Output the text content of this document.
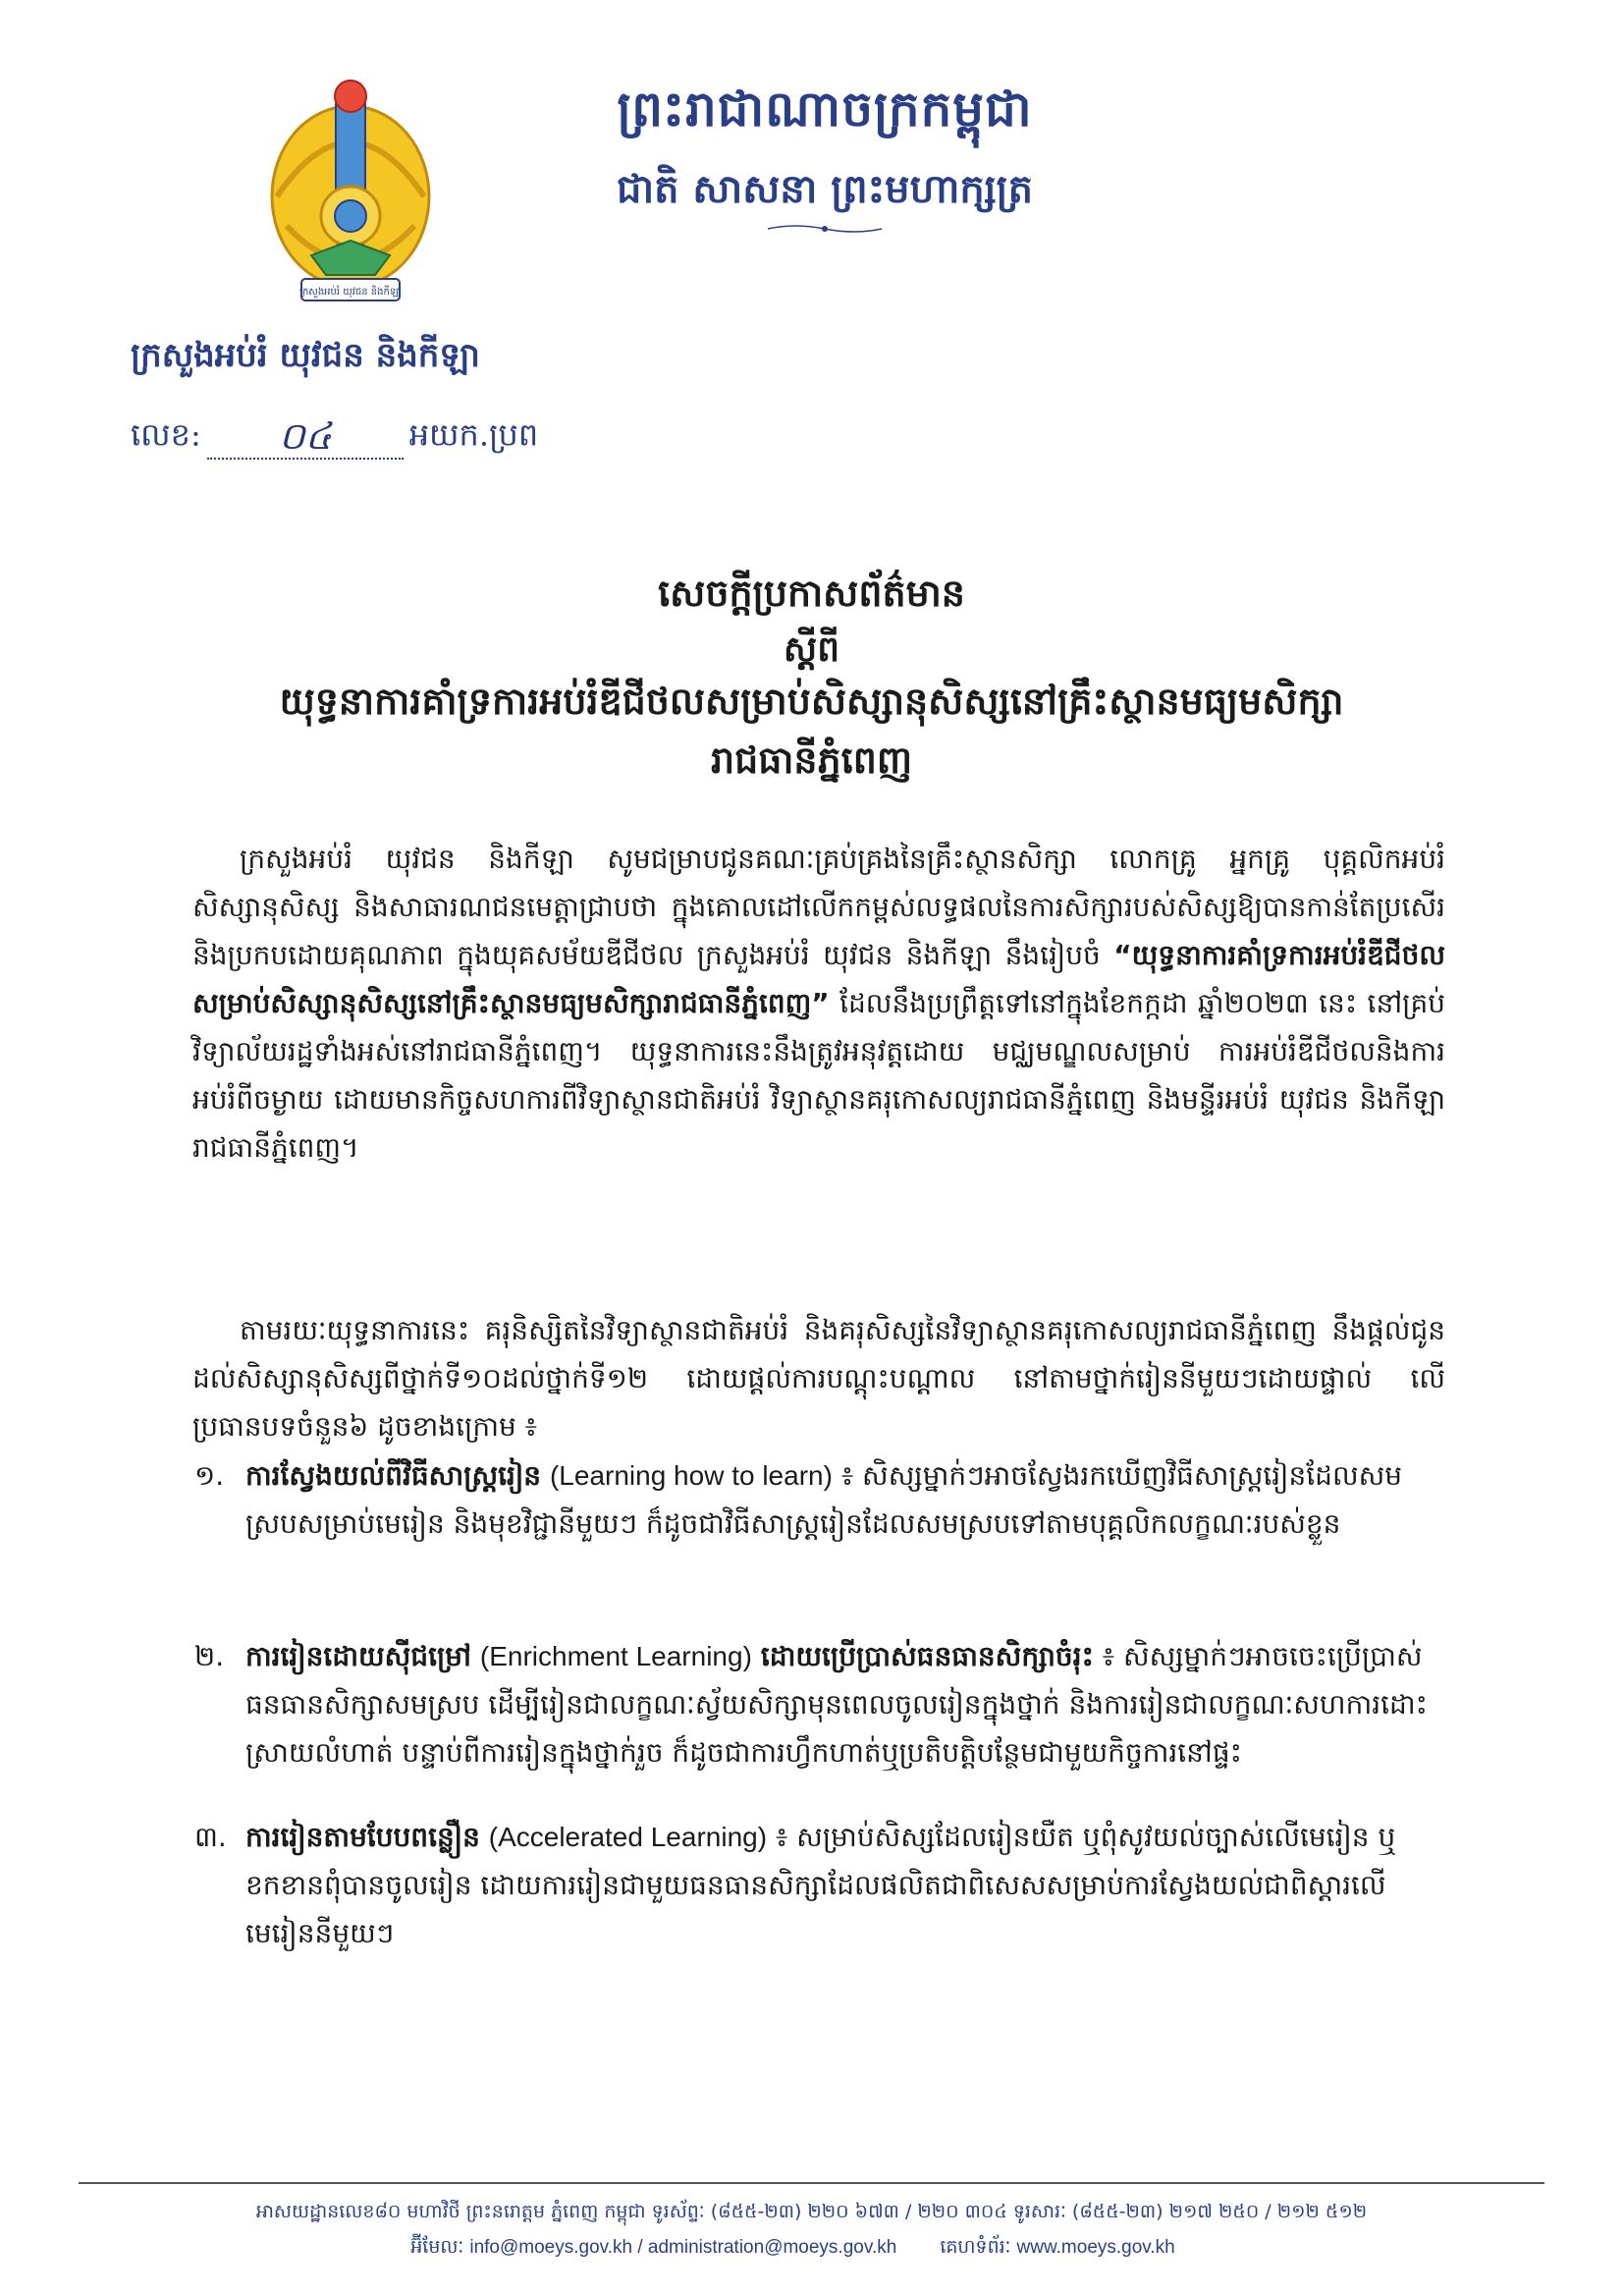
ក្រសួងអប់រំ យុវជន និងកីឡា
ព្រះរាជាណាចក្រកម្ពុជា
ជាតិ សាសនា ព្រះមហាក្សត្រ
ក្រសួងអប់រំ យុវជន និងកីឡា
លេខ: ០៤ អយក.ប្រព
សេចក្តីប្រកាសព័ត៌មាន
ស្តីពី
យុទ្ធនាការគាំទ្រការអប់រំឌីជីថលសម្រាប់សិស្សានុសិស្សនៅគ្រឹះស្ថានមធ្យមសិក្សា
រាជធានីភ្នំពេញ
ក្រសួងអប់រំ យុវជន និងកីឡា សូមជម្រាបជូនគណៈគ្រប់គ្រងនៃគ្រឹះស្ថានសិក្សា លោកគ្រូ អ្នកគ្រូ បុគ្គលិកអប់រំ សិស្សានុសិស្ស និងសាធារណជនមេត្តាជ្រាបថា ក្នុងគោលដៅលើកកម្ពស់លទ្ធផលនៃការសិក្សារបស់សិស្សឱ្យបានកាន់តែប្រសើរនិងប្រកបដោយគុណភាព ក្នុងយុគសម័យឌីជីថល ក្រសួងអប់រំ យុវជន និងកីឡា នឹងរៀបចំ “យុទ្ធនាការគាំទ្រការអប់រំឌីជីថលសម្រាប់សិស្សានុសិស្សនៅគ្រឹះស្ថានមធ្យមសិក្សារាជធានីភ្នំពេញ” ដែលនឹងប្រព្រឹត្តទៅនៅក្នុងខែកក្កដា ឆ្នាំ២០២៣ នេះ នៅគ្រប់ វិទ្យាល័យរដ្ឋទាំងអស់នៅរាជធានីភ្នំពេញ។ យុទ្ធនាការនេះនឹងត្រូវអនុវត្តដោយ មជ្ឈមណ្ឌលសម្រាប់ ការអប់រំឌីជីថលនិងការអប់រំពីចម្ងាយ ដោយមានកិច្ចសហការពីវិទ្យាស្ថានជាតិអប់រំ វិទ្យាស្ថានគរុកោសល្យរាជធានីភ្នំពេញ និងមន្ទីរអប់រំ យុវជន និងកីឡារាជធានីភ្នំពេញ។
តាមរយៈយុទ្ធនាការនេះ គរុនិស្សិតនៃវិទ្យាស្ថានជាតិអប់រំ និងគរុសិស្សនៃវិទ្យាស្ថានគរុកោសល្យរាជធានីភ្នំពេញ នឹងផ្តល់ជូនដល់សិស្សានុសិស្សពីថ្នាក់ទី១០ដល់ថ្នាក់ទី១២ ដោយផ្តល់ការបណ្តុះបណ្តាល នៅតាមថ្នាក់រៀននីមួយៗដោយផ្ទាល់ លើប្រធានបទចំនួន៦ ដូចខាងក្រោម ៖
១. ការស្វែងយល់ពីវិធីសាស្ត្ររៀន (Learning how to learn) ៖ សិស្សម្នាក់ៗអាចស្វែងរកឃើញវិធីសាស្ត្ររៀនដែលសមស្របសម្រាប់មេរៀន និងមុខវិជ្ជានីមួយៗ ក៏ដូចជាវិធីសាស្ត្ររៀនដែលសមស្របទៅតាមបុគ្គលិកលក្ខណៈរបស់ខ្លួន
២. ការរៀនដោយស៊ីជម្រៅ (Enrichment Learning) ដោយប្រើប្រាស់ធនធានសិក្សាចំរុះ ៖ សិស្សម្នាក់ៗអាចចេះប្រើប្រាស់ធនធានសិក្សាសមស្រប ដើម្បីរៀនជាលក្ខណៈស្វ័យសិក្សាមុនពេលចូលរៀនក្នុងថ្នាក់ និងការរៀនជាលក្ខណៈសហការដោះស្រាយលំហាត់ បន្ទាប់ពីការរៀនក្នុងថ្នាក់រួច ក៏ដូចជាការហ្វឹកហាត់ឬប្រតិបត្តិបន្ថែមជាមួយកិច្ចការនៅផ្ទះ
៣. ការរៀនតាមបែបពន្លឿន (Accelerated Learning) ៖ សម្រាប់សិស្សដែលរៀនយឺត ឬពុំសូវយល់ច្បាស់លើមេរៀន ឬខកខានពុំបានចូលរៀន ដោយការរៀនជាមួយធនធានសិក្សាដែលផលិតជាពិសេសសម្រាប់ការស្វែងយល់ជាពិស្តារលើមេរៀននីមួយៗ
អាសយដ្ឋានលេខ៨០ មហាវិថី ព្រះនរោត្តម ភ្នំពេញ កម្ពុជា ទូរស័ព្ទៈ (៨៥៥-២៣) ២២០ ៦៧៣ / ២២០ ៣០៤ ទូរសារៈ (៨៥៥-២៣) ២១៧ ២៥០ / ២១២ ៥១២
អ៊ីមែលៈ info@moeys.gov.kh / administration@moeys.gov.kh គេហទំព័រៈ www.moeys.gov.kh
